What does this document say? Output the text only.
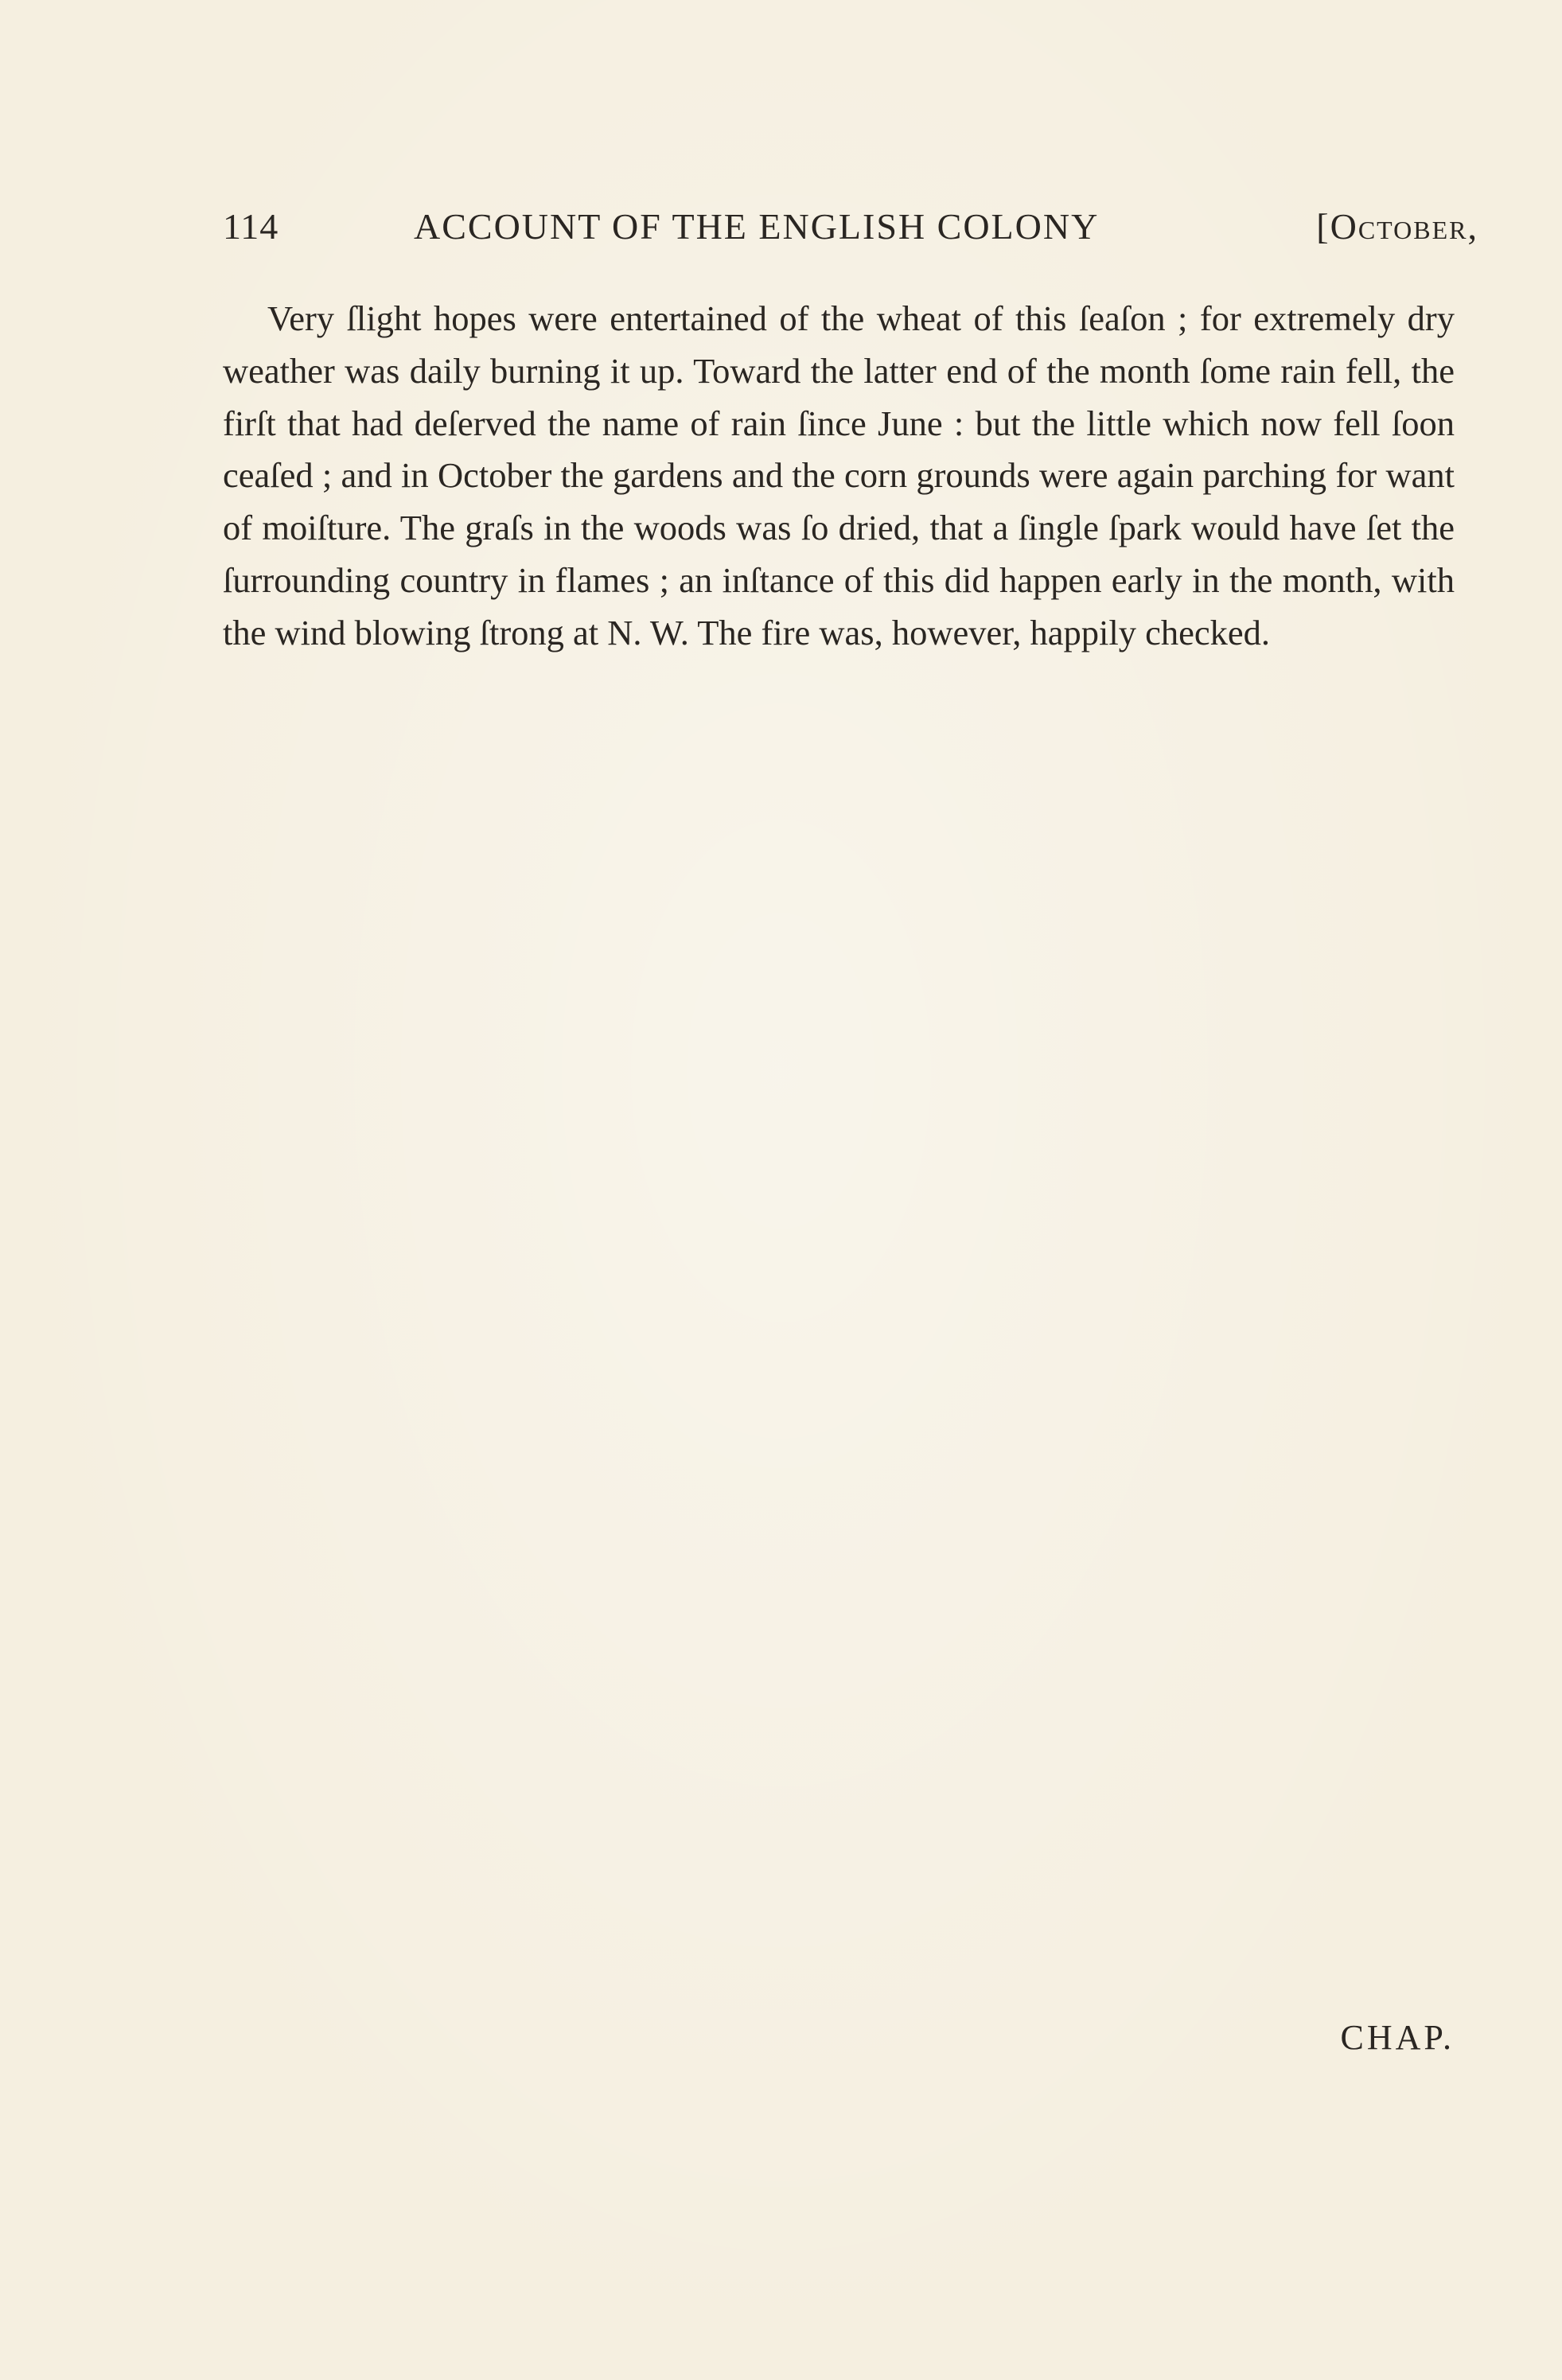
114	ACCOUNT OF THE ENGLISH COLONY	[October,

Very ſlight hopes were entertained of the wheat of this ſeaſon ; for extremely dry weather was daily burning it up. Toward the latter end of the month ſome rain fell, the firſt that had deſerved the name of rain ſince June : but the little which now fell ſoon ceaſed ; and in October the gardens and the corn grounds were again parching for want of moiſture. The graſs in the woods was ſo dried, that a ſingle ſpark would have ſet the ſurrounding country in flames ; an inſtance of this did happen early in the month, with the wind blowing ſtrong at N. W. The fire was, however, happily checked.

CHAP.
